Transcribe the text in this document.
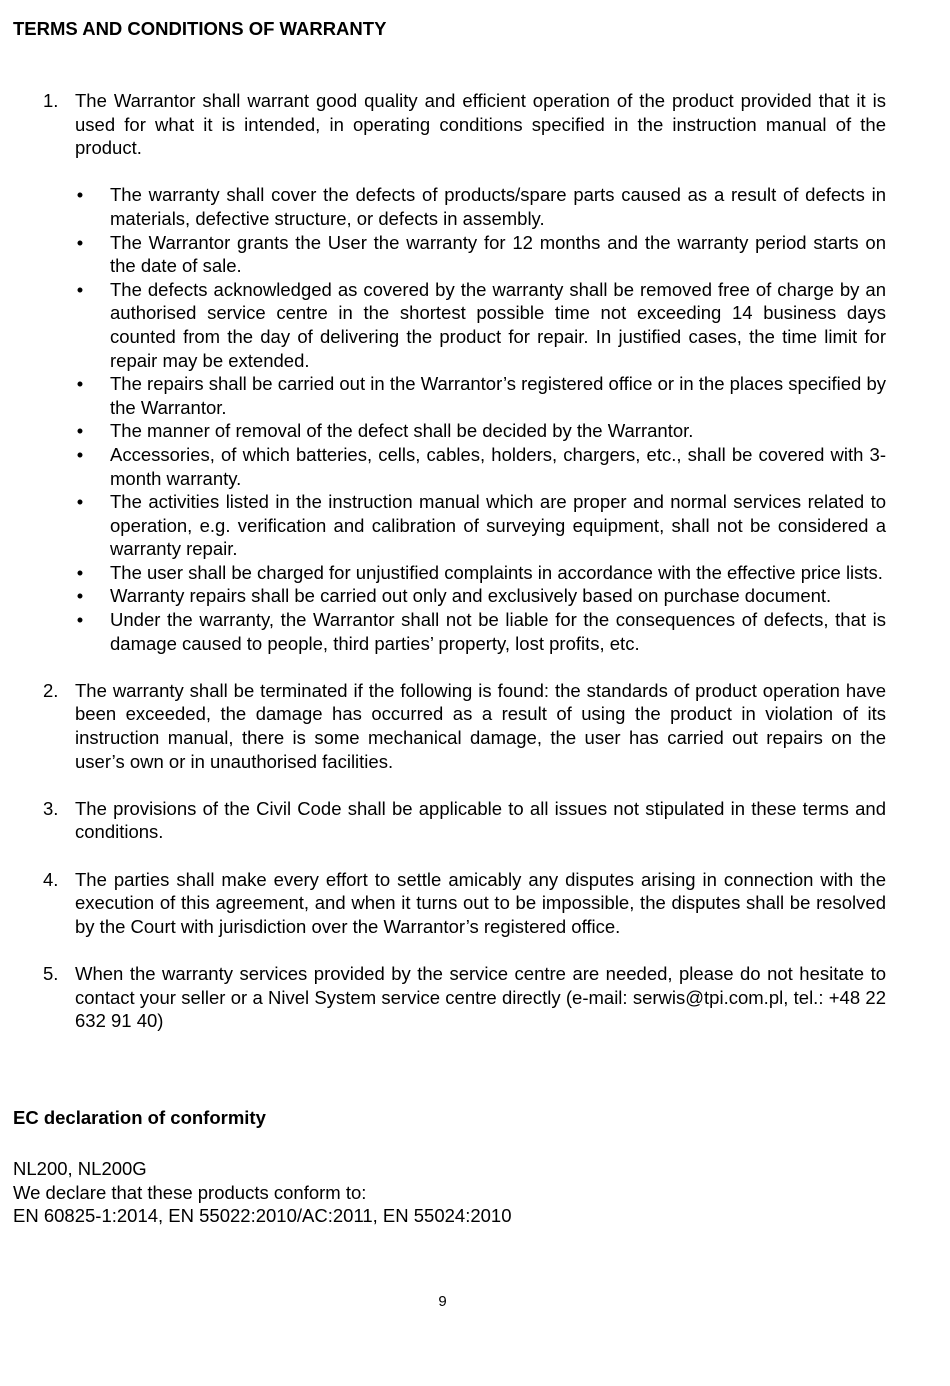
TERMS AND CONDITIONS OF WARRANTY
1. The Warrantor shall warrant good quality and efficient operation of the product provided that it is used for what it is intended, in operating conditions specified in the instruction manual of the product.
• The warranty shall cover the defects of products/spare parts caused as a result of defects in materials, defective structure, or defects in assembly.
• The Warrantor grants the User the warranty for 12 months and the warranty period starts on the date of sale.
• The defects acknowledged as covered by the warranty shall be removed free of charge by an authorised service centre in the shortest possible time not exceeding 14 business days counted from the day of delivering the product for repair. In justified cases, the time limit for repair may be extended.
• The repairs shall be carried out in the Warrantor’s registered office or in the places specified by the Warrantor.
• The manner of removal of the defect shall be decided by the Warrantor.
• Accessories, of which batteries, cells, cables, holders, chargers, etc., shall be covered with 3-month warranty.
• The activities listed in the instruction manual which are proper and normal services related to operation, e.g. verification and calibration of surveying equipment, shall not be considered a warranty repair.
• The user shall be charged for unjustified complaints in accordance with the effective price lists.
• Warranty repairs shall be carried out only and exclusively based on purchase document.
• Under the warranty, the Warrantor shall not be liable for the consequences of defects, that is damage caused to people, third parties’ property, lost profits, etc.
2. The warranty shall be terminated if the following is found: the standards of product operation have been exceeded, the damage has occurred as a result of using the product in violation of its instruction manual, there is some mechanical damage, the user has carried out repairs on the user’s own or in unauthorised facilities.
3. The provisions of the Civil Code shall be applicable to all issues not stipulated in these terms and conditions.
4. The parties shall make every effort to settle amicably any disputes arising in connection with the execution of this agreement, and when it turns out to be impossible, the disputes shall be resolved by the Court with jurisdiction over the Warrantor’s registered office.
5. When the warranty services provided by the service centre are needed, please do not hesitate to contact your seller or a Nivel System service centre directly (e-mail: serwis@tpi.com.pl, tel.: +48 22 632 91 40)
EC declaration of conformity
NL200, NL200G
We declare that these products conform to:
EN 60825-1:2014, EN 55022:2010/AC:2011, EN 55024:2010
9
